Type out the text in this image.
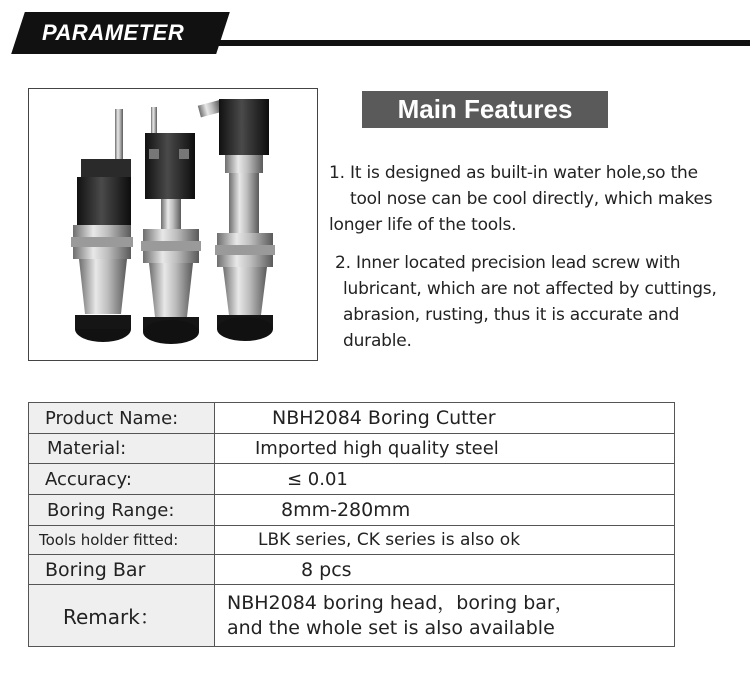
PARAMETER
Main Features
1. It is designed as built-in water hole,so the
tool nose can be cool directly, which makes
longer life of the tools.
2. Inner located precision lead screw with
lubricant, which are not affected by cuttings,
abrasion, rusting, thus it is accurate and
durable.
Product Name:	NBH2084 Boring Cutter

Material:	Imported high quality steel

Accuracy:	≤ 0.01

Boring Range:	8mm-280mm

Tools holder fitted:	LBK series, CK series is also ok

Boring Bar	8 pcs

Remark：	NBH2084 boring head，boring bar，
and the whole set is also available
